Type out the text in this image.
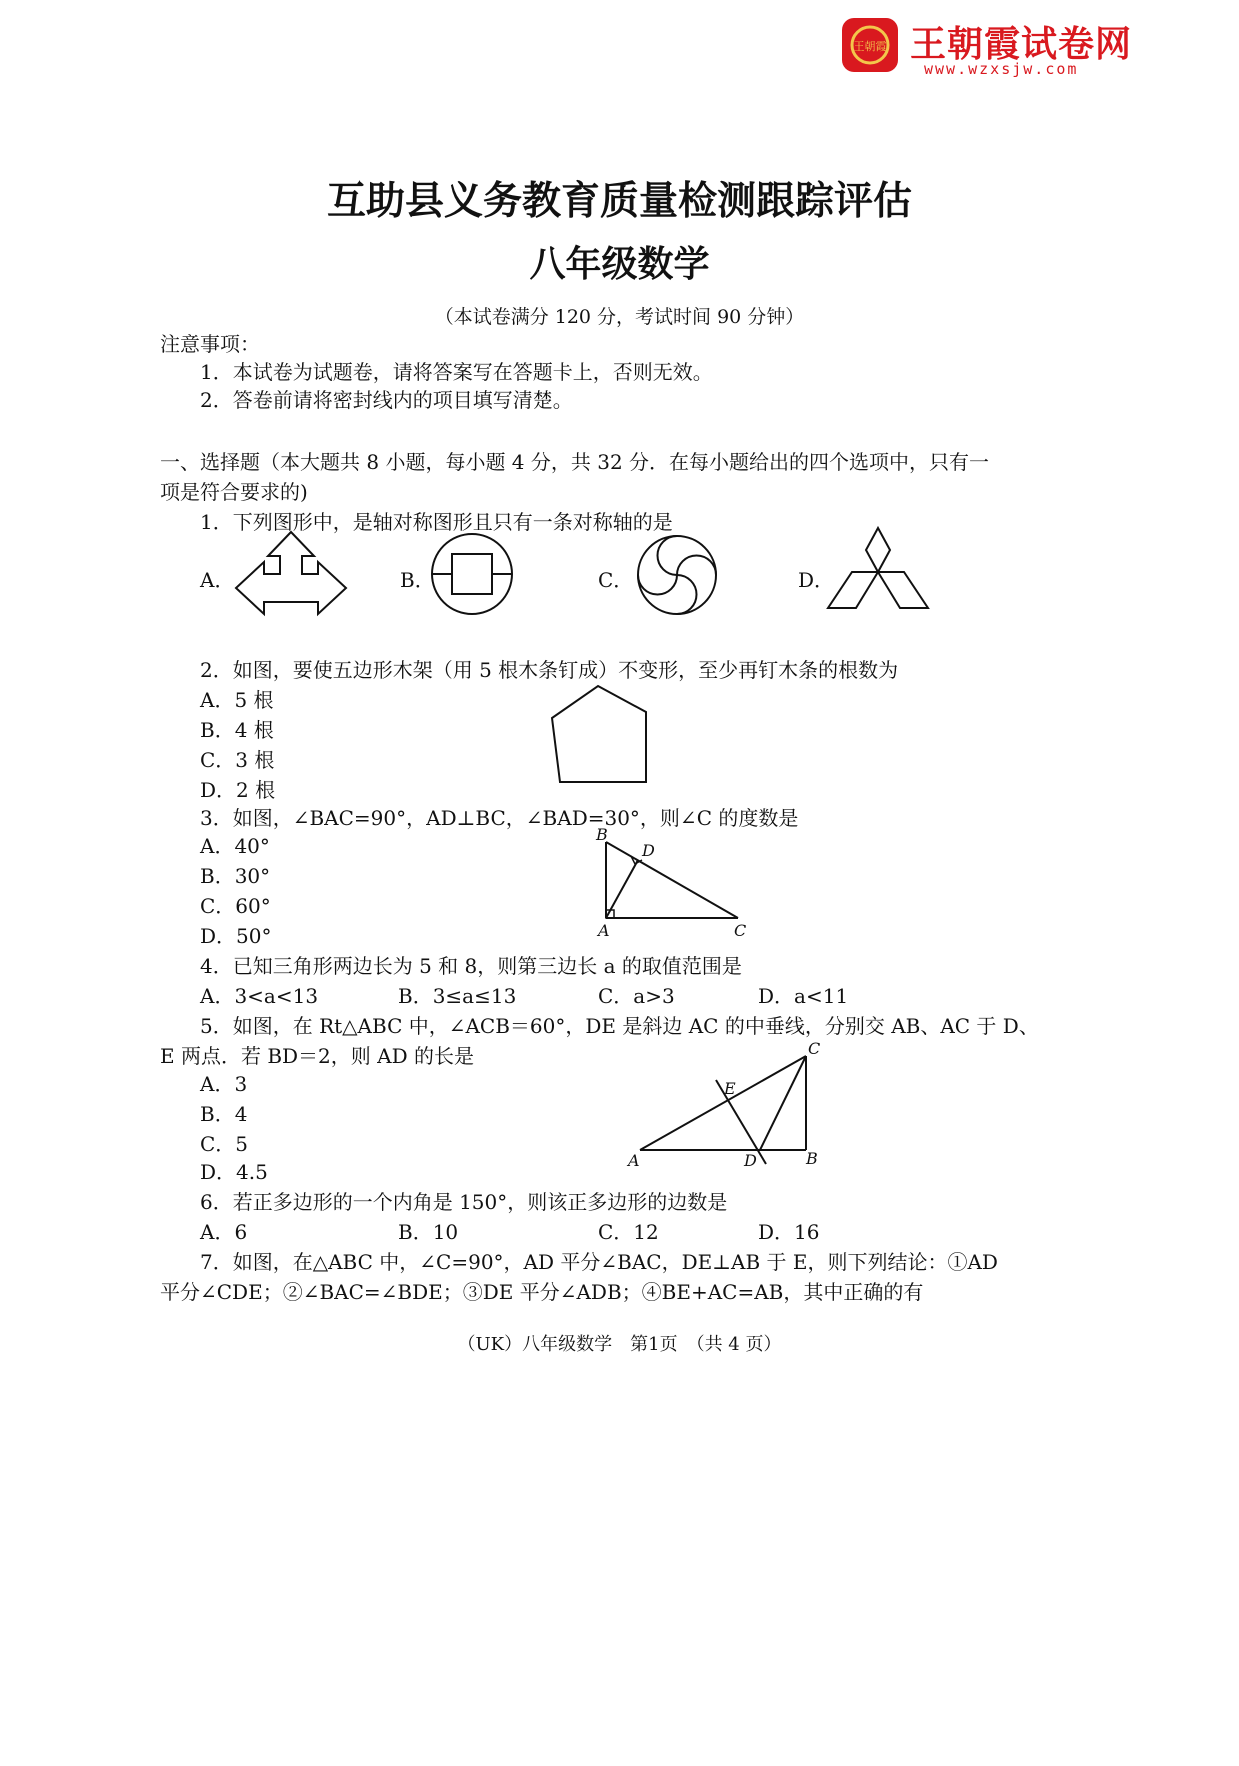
王朝霞 王朝霞试卷网
www.wzxsjw.com
互助县义务教育质量检测跟踪评估
八年级数学
（本试卷满分 120 分，考试时间 90 分钟）
注意事项：
1．本试卷为试题卷，请将答案写在答题卡上，否则无效。
2．答卷前请将密封线内的项目填写清楚。
一、选择题（本大题共 8 小题，每小题 4 分，共 32 分．在每小题给出的四个选项中，只有一
项是符合要求的)
1．下列图形中，是轴对称图形且只有一条对称轴的是
A．	B．	C．	D．
2．如图，要使五边形木架（用 5 根木条钉成）不变形，至少再钉木条的根数为
A．5 根
B．4 根
C．3 根
D．2 根
3．如图，∠BAC=90°，AD⊥BC，∠BAD=30°，则∠C 的度数是
A．40°
B．30°
C．60°
D．50°
B
D
A	C
4．已知三角形两边长为 5 和 8，则第三边长 a 的取值范围是
A．3<a<13	B．3≤a≤13	C．a>3	D．a<11
5．如图，在 Rt△ABC 中，∠ACB＝60°，DE 是斜边 AC 的中垂线，分别交 AB、AC 于 D、
E 两点．若 BD＝2，则 AD 的长是
A．3
B．4
C．5
D．4.5
C
E
A	D	B
6．若正多边形的一个内角是 150°，则该正多边形的边数是
A．6	B．10	C．12	D．16
7．如图，在△ABC 中，∠C=90°，AD 平分∠BAC，DE⊥AB 于 E，则下列结论：①AD
平分∠CDE；②∠BAC=∠BDE；③DE 平分∠ADB；④BE+AC=AB，其中正确的有
（UK）八年级数学　第1页　（共 4 页）
